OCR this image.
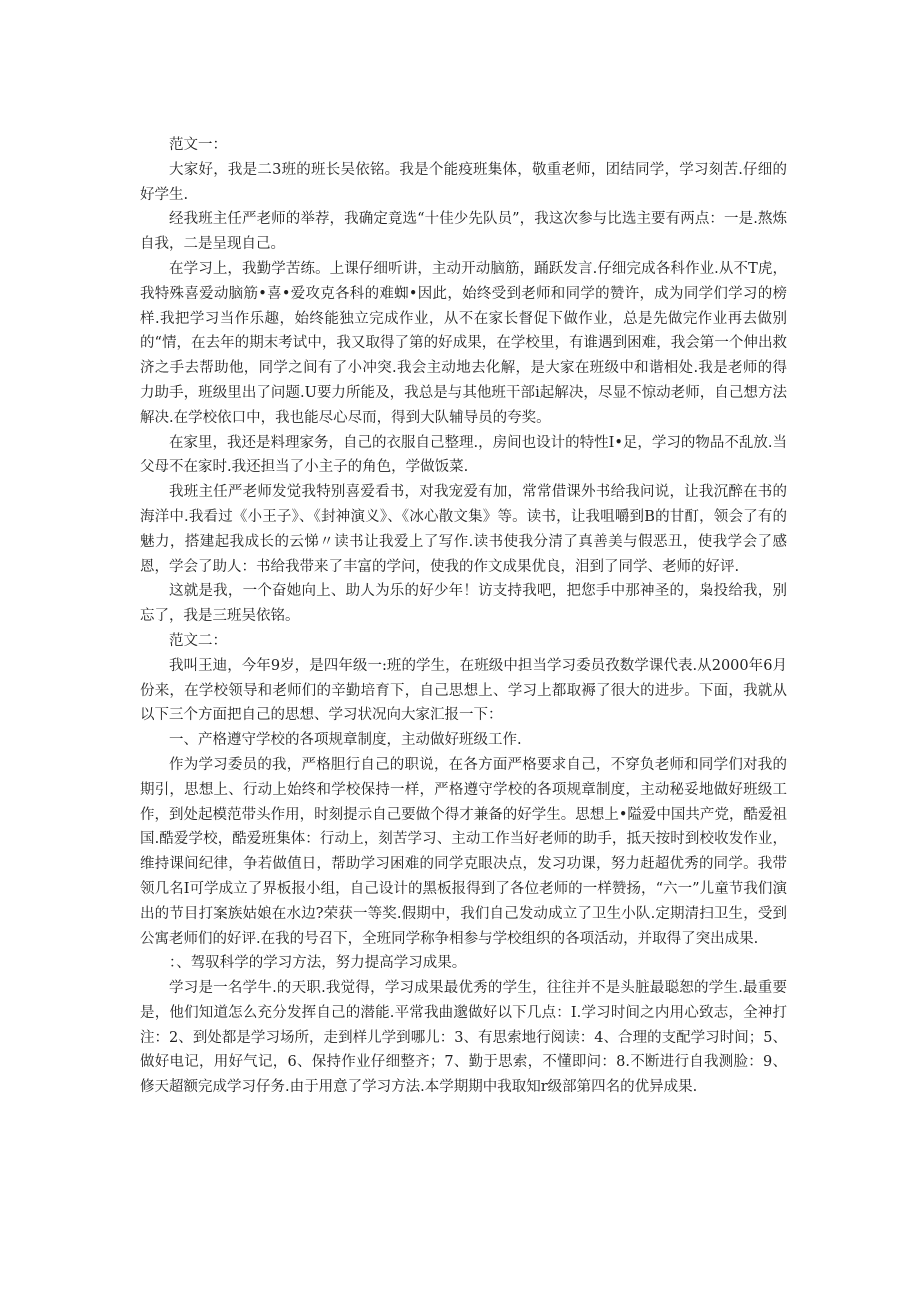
范文一：

大家好，我是二3班的班长吴依铭。我是个能疫班集体，敬重老师，团结同学，学习刻苦.仔细的好学生.

经我班主任严老师的举荐，我确定竟选“十佳少先队员”，我这次参与比选主要有两点：一是.熬炼自我，二是呈现自己。

在学习上，我勤学苦练。上课仔细听讲，主动开动脑筋，踊跃发言.仔细完成各科作业.从不T虎，我特殊喜爱动脑筋•喜•爱攻克各科的难蜘•因此，始终受到老师和同学的赞许，成为同学们学习的榜样.我把学习当作乐趣，始终能独立完成作业，从不在家长督促下做作业，总是先做完作业再去做别的“情，在去年的期末考试中，我又取得了第的好成果，在学校里，有谁遇到困难，我会第一个伸出救济之手去帮助他，同学之间有了小冲突.我会主动地去化解，是大家在班级中和谐相处.我是老师的得力助手，班级里出了问题.U要力所能及，我总是与其他班干部i起解决，尽显不惊动老师，自己想方法解决.在学校依口中，我也能尽心尽而，得到大队辅导员的夸奖。

在家里，我还是料理家务，自己的衣服自己整理.，房间也设计的特性I•足，学习的物品不乱放.当父母不在家时.我还担当了小主子的角色，学做饭菜.

我班主任严老师发觉我特别喜爱看书，对我宠爱有加，常常借课外书给我问说，让我沉醉在书的海洋中.我看过《小王子》、《封神演义》、《冰心散文集》等。读书，让我咀嚼到B的甘酊，领会了有的魅力，搭建起我成长的云悌〃读书让我爱上了写作.读书使我分清了真善美与假恶丑，使我学会了感恩，学会了助人：书给我带来了丰富的学问，使我的作文成果优良，泪到了同学、老师的好评.

这就是我，一个奋她向上、助人为乐的好少年！访支持我吧，把您手中那神圣的，枭投给我，别忘了，我是三班吴依铭。

范文二：

我叫王迪，今年9岁，是四年级一:班的学生，在班级中担当学习委员孜数学课代表.从2000年6月份来，在学校领导和老师们的辛勤培育下，自己思想上、学习上都取褥了很大的进步。下面，我就从以下三个方面把自己的思想、学习状况向大家汇报一下：

一、产格遵守学校的各项规章制度，主动做好班级工作.

作为学习委员的我，严格胆行自己的职说，在各方面严格要求自己，不穿负老师和同学们对我的期引，思想上、行动上始终和学校保持一样，严格遵守学校的各项规章制度，主动秘妥地做好班级工作，到处起模范带头作用，时刻提示自己要做个得才兼备的好学生。思想上•隘爱中国共产党，酷爱祖国.酷爱学校，酷爱班集体：行动上，刻苦学习、主动工作当好老师的助手，抵天按时到校收发作业，维持课间纪律，争若做值日，帮助学习困难的同学克眼决点，发习功课，努力赶超优秀的同学。我带领几名I可学成立了界板报小组，自己设计的黑板报得到了各位老师的一样赞扬，“六一”儿童节我们演出的节目打案族姑娘在水边?荣获一等奖.假期中，我们自己发动成立了卫生小队.定期清扫卫生，受到公寓老师们的好评.在我的号召下，全班同学称争相参与学校组织的各项活动，并取得了突出成果.

：、驾驭科学的学习方法，努力提高学习成果。

学习是一名学牛.的天职.我觉得，学习成果最优秀的学生，往往并不是头脏最聪恕的学生.最重要是，他们知道怎么充分发挥自己的潜能.平常我曲邈做好以下几点：I.学习时间之内用心致志，全神打注：2、到处都是学习场所，走到样儿学到哪儿：3、有思索地行阅读：4、合理的支配学习时间；5、做好电记，用好气记，6、保持作业仔细整齐；7、勤于思索，不懂即问：8.不断进行自我测脸：9、修天超额完成学习仔务.由于用意了学习方法.本学期期中我取知r级部第四名的优异成果.
